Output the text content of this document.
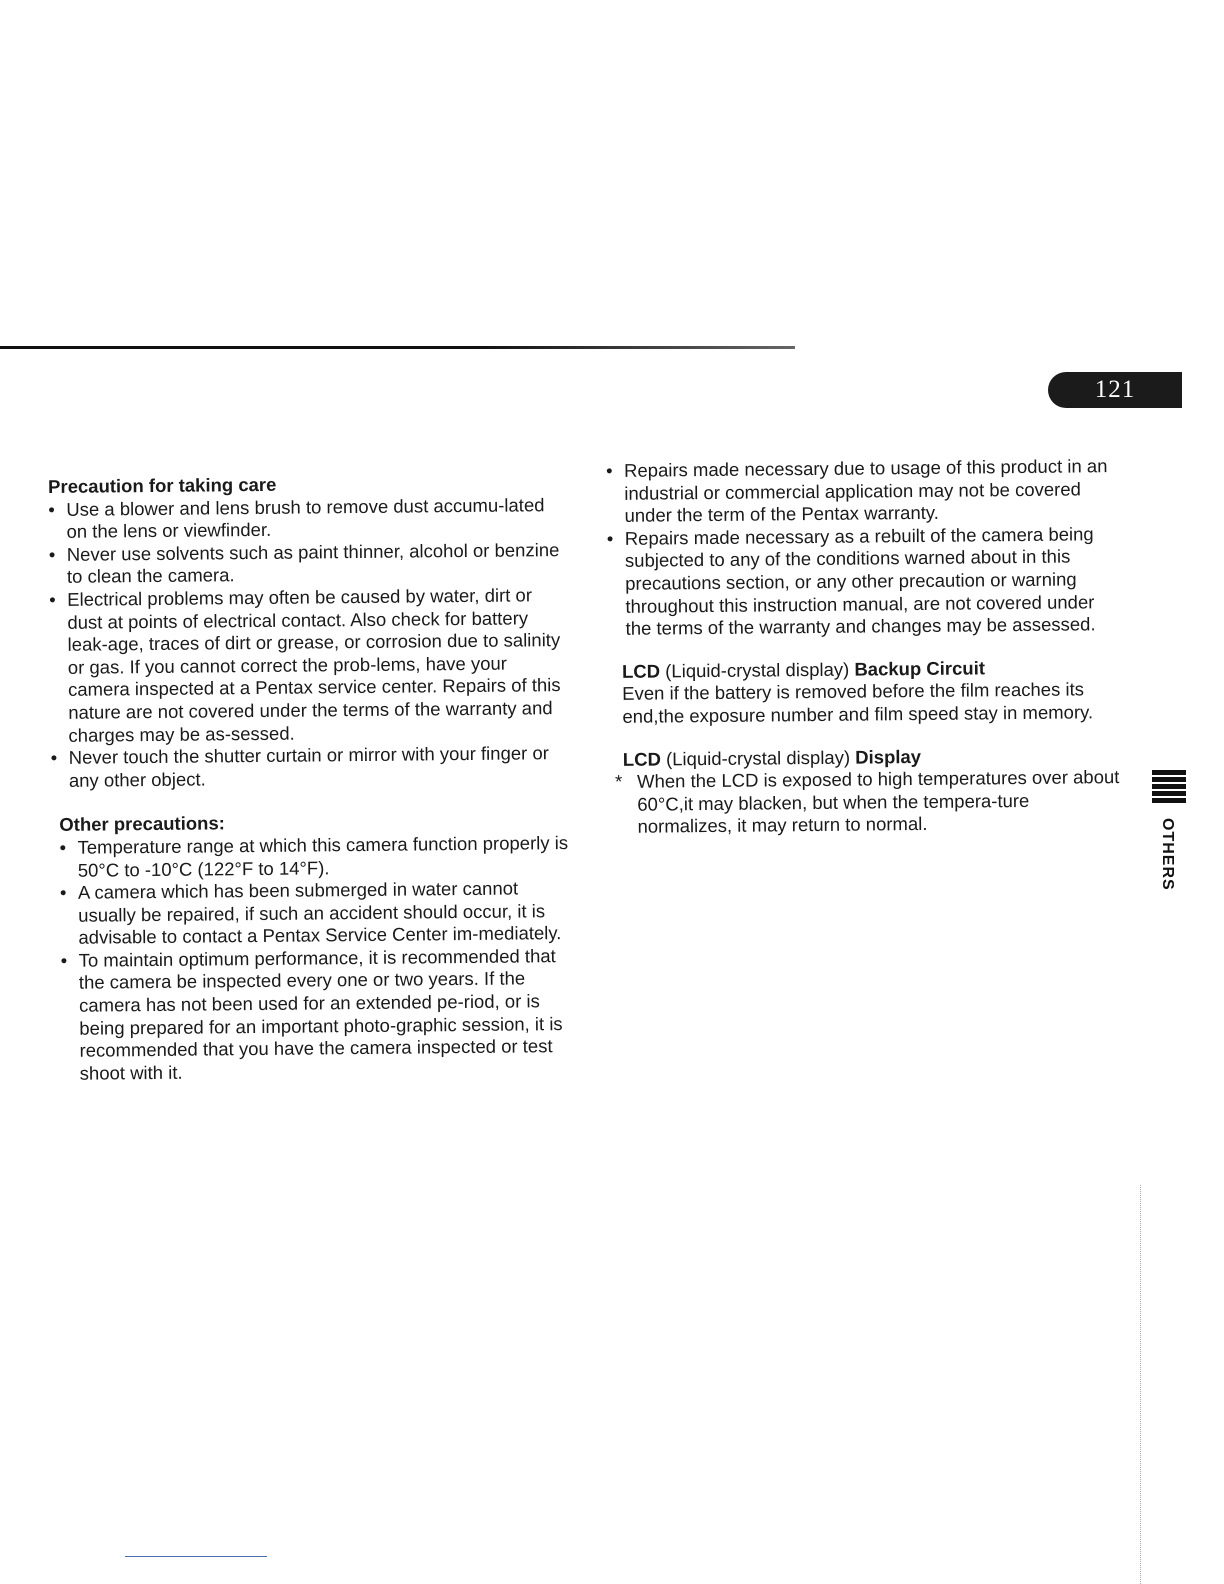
121

Precaution for taking care

• Use a blower and lens brush to remove dust accumu-lated on the lens or viewfinder.
• Never use solvents such as paint thinner, alcohol or benzine to clean the camera.
• Electrical problems may often be caused by water, dirt or dust at points of electrical contact. Also check for battery leak-age, traces of dirt or grease, or corrosion due to salinity or gas. If you cannot correct the prob-lems, have your camera inspected at a Pentax service center. Repairs of this nature are not covered under the terms of the warranty and charges may be as-sessed.
• Never touch the shutter curtain or mirror with your finger or any other object.

Other precautions:

• Temperature range at which this camera function properly is 50°C to -10°C (122°F to 14°F).
• A camera which has been submerged in water cannot usually be repaired, if such an accident should occur, it is advisable to contact a Pentax Service Center im-mediately.
• To maintain optimum performance, it is recommended that the camera be inspected every one or two years. If the camera has not been used for an extended pe-riod, or is being prepared for an important photo-graphic session, it is recommended that you have the camera inspected or test shoot with it.
• Repairs made necessary due to usage of this product in an industrial or commercial application may not be covered under the term of the Pentax warranty.
• Repairs made necessary as a rebuilt of the camera being subjected to any of the conditions warned about in this precautions section, or any other precaution or warning throughout this instruction manual, are not covered under the terms of the warranty and changes may be assessed.

LCD (Liquid-crystal display) Backup Circuit

Even if the battery is removed before the film reaches its end,the exposure number and film speed stay in memory.

LCD (Liquid-crystal display) Display

* When the LCD is exposed to high temperatures over about 60°C,it may blacken, but when the tempera-ture normalizes, it may return to normal.	OTHERS
